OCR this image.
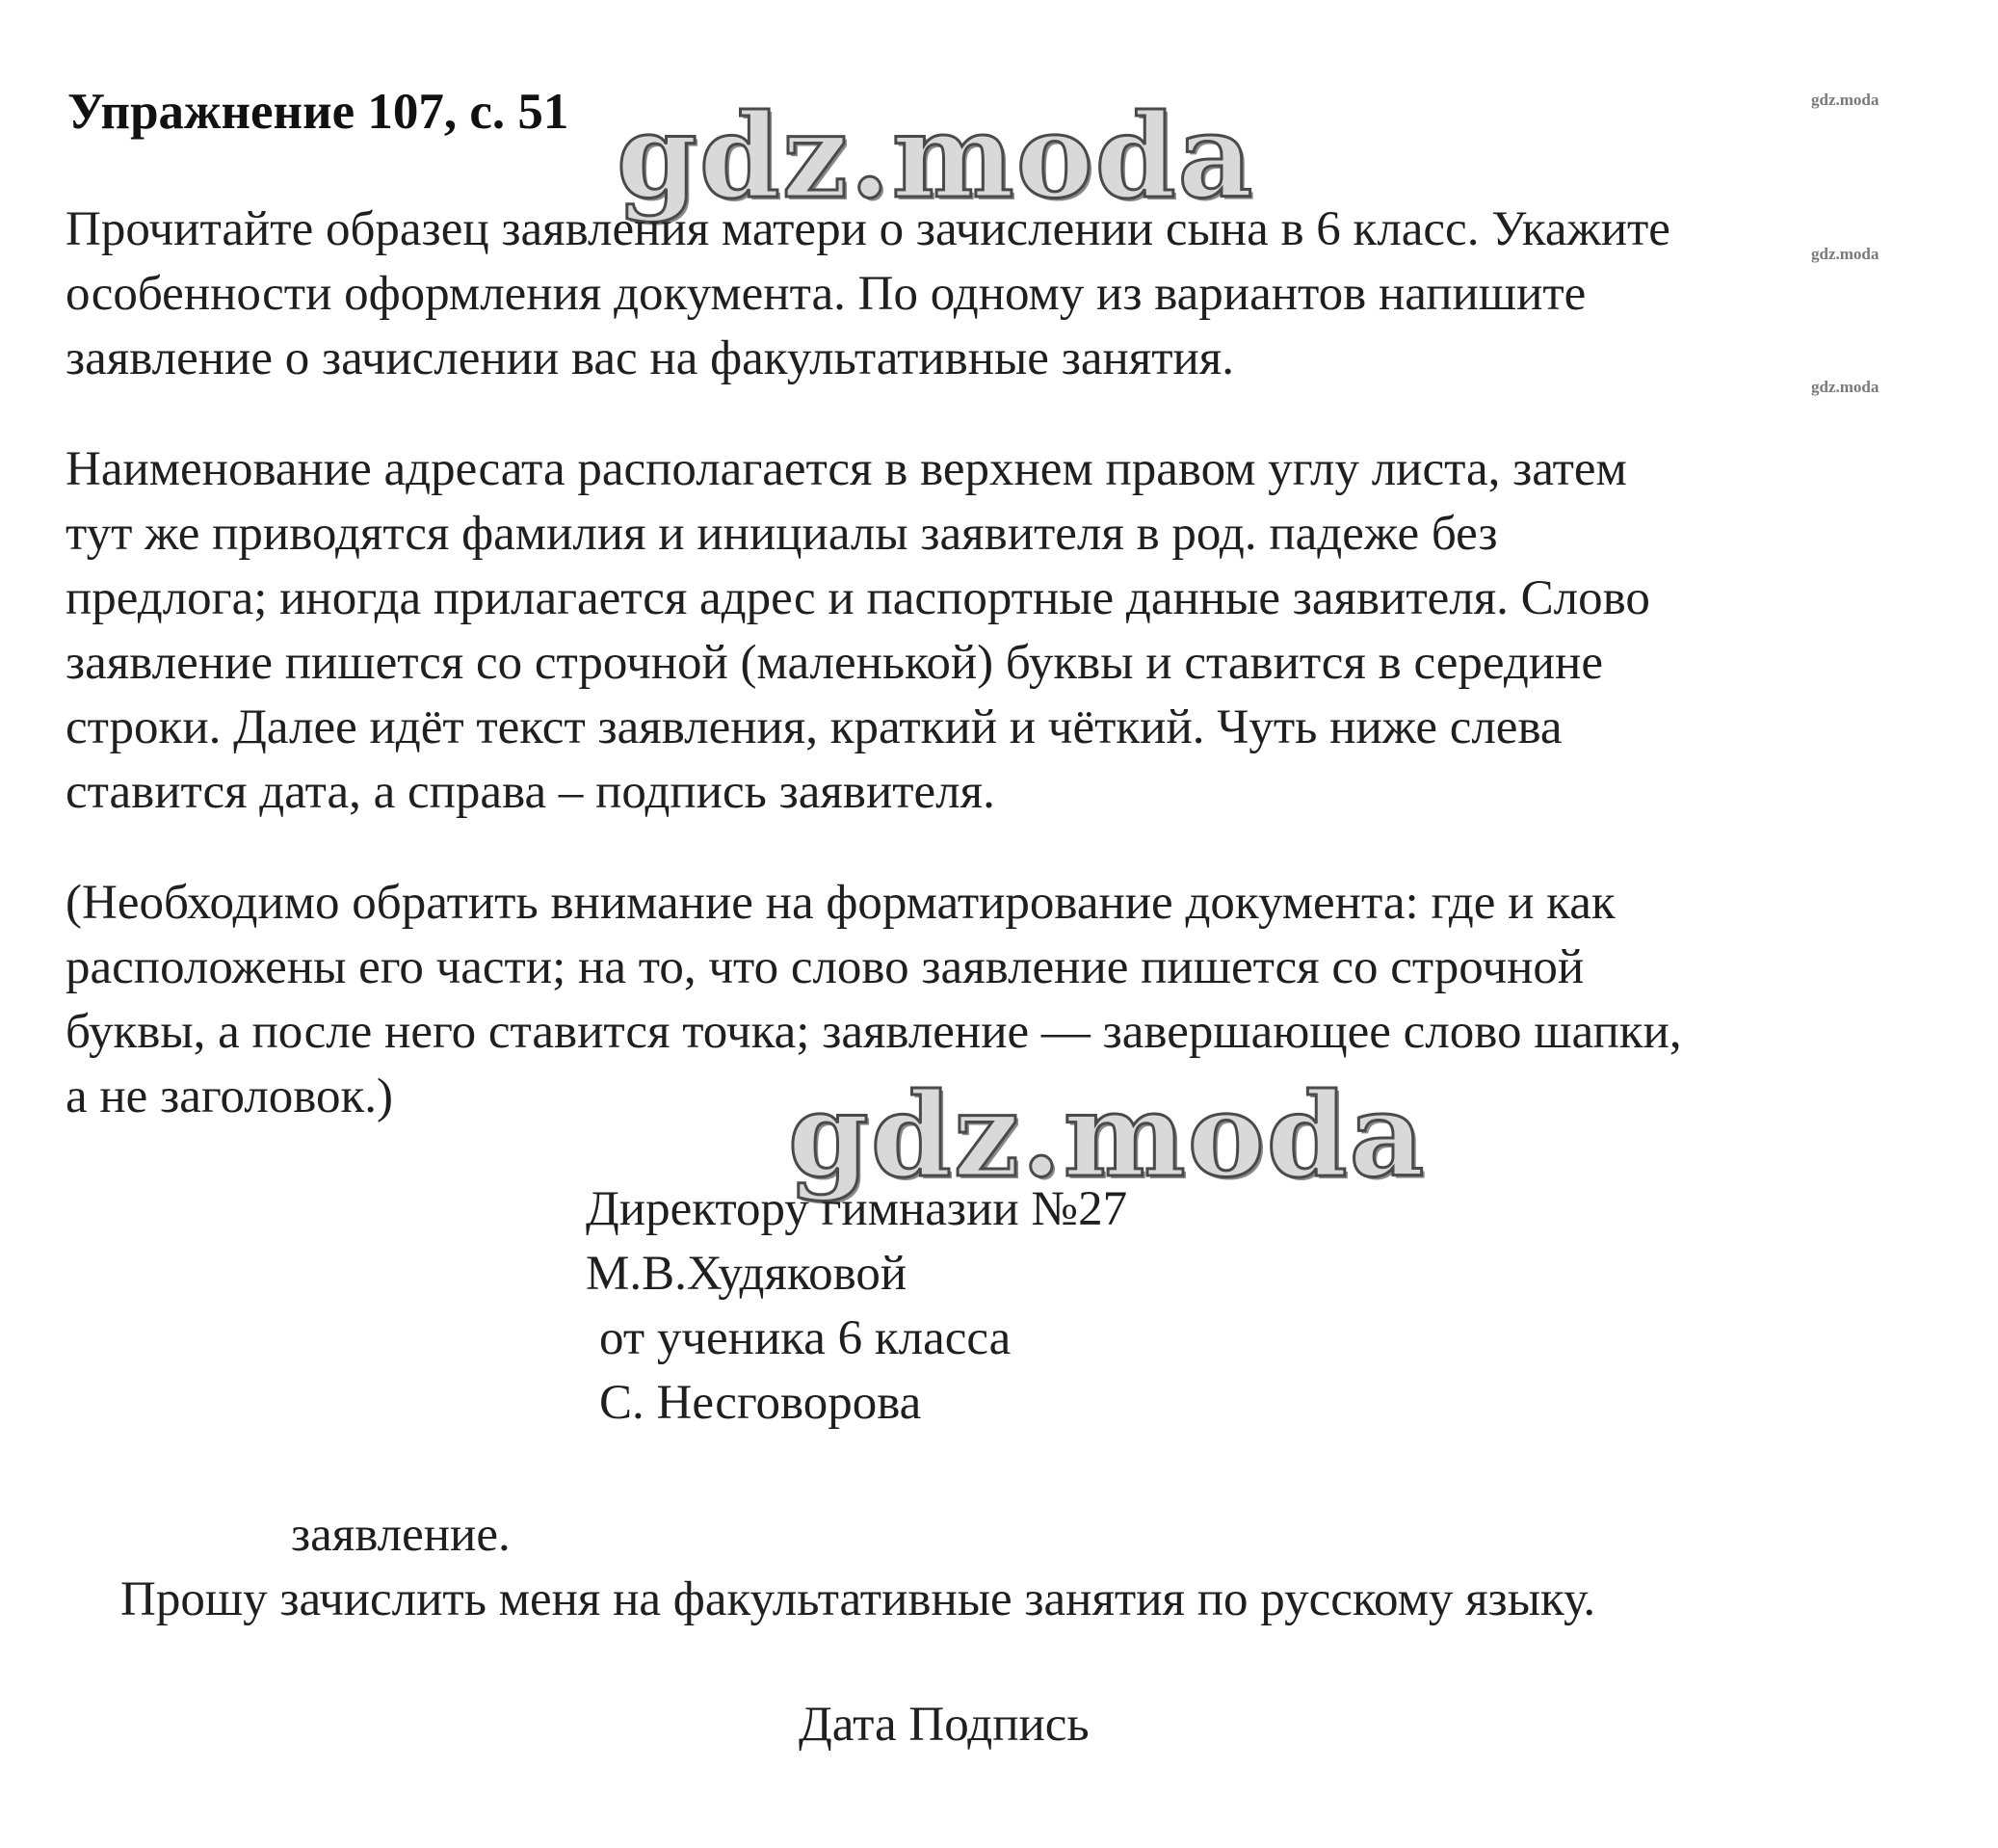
Упражнение 107, с. 51 gdz.moda	gdz.moda
gdz.moda
gdz.moda
Прочитайте образец заявления матери о зачислении сына в 6 класс. Укажите
особенности оформления документа. По одному из вариантов напишите
заявление о зачислении вас на факультативные занятия.
Наименование адресата располагается в верхнем правом углу листа, затем
тут же приводятся фамилия и инициалы заявителя в род. падеже без
предлога; иногда прилагается адрес и паспортные данные заявителя. Слово
заявление пишется со строчной (маленькой) буквы и ставится в середине
строки. Далее идёт текст заявления, краткий и чёткий. Чуть ниже слева
ставится дата, а справа – подпись заявителя.
(Необходимо обратить внимание на форматирование документа: где и как
расположены его части; на то, что слово заявление пишется со строчной
буквы, а после него ставится точка; заявление — завершающее слово шапки,
а не заголовок.)	gdz.moda
Директору гимназии №27
М.В.Худяковой
от ученика 6 класса
С. Несговорова
заявление.
Прошу зачислить меня на факультативные занятия по русскому языку.
Дата Подпись
